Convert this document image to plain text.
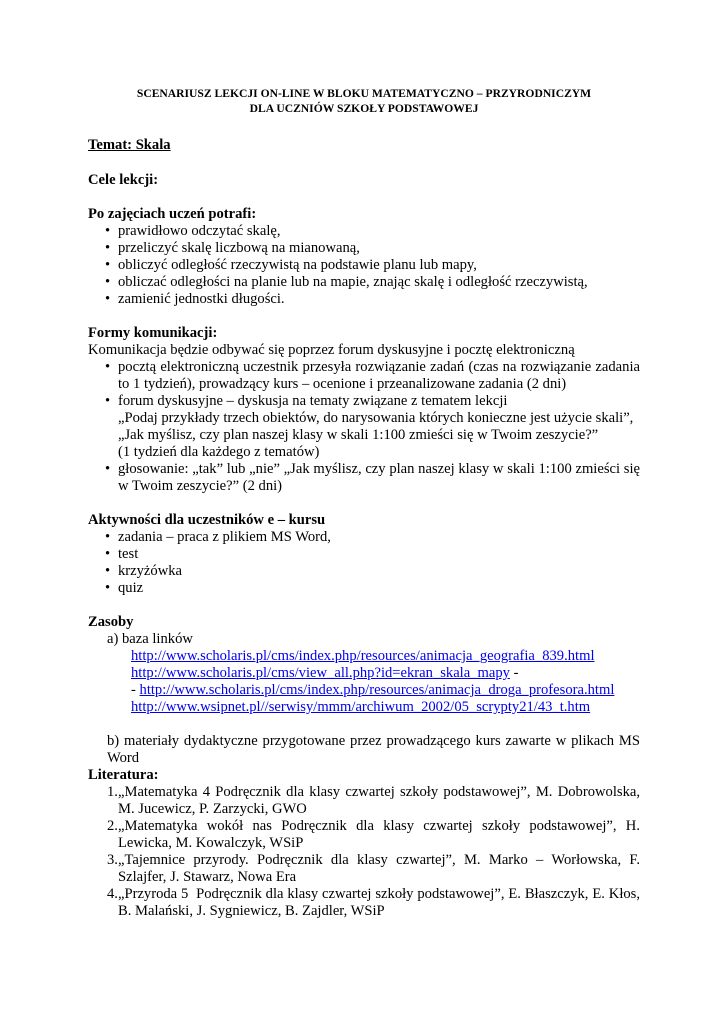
SCENARIUSZ LEKCJI ON-LINE W BLOKU MATEMATYCZNO – PRZYRODNICZYM
DLA UCZNIÓW SZKOŁY PODSTAWOWEJ
Temat: Skala
Cele lekcji:
Po zajęciach uczeń potrafi:
• prawidłowo odczytać skalę,
• przeliczyć skalę liczbową na mianowaną,
• obliczyć odległość rzeczywistą na podstawie planu lub mapy,
• obliczać odległości na planie lub na mapie, znając skalę i odległość rzeczywistą,
• zamienić jednostki długości.
Formy komunikacji:

Komunikacja będzie odbywać się poprzez forum dyskusyjne i pocztę elektroniczną

• pocztą elektroniczną uczestnik przesyła rozwiązanie zadań (czas na rozwiązanie zadania to 1 tydzień), prowadzący kurs – ocenione i przeanalizowane zadania (2 dni)
• forum dyskusyjne – dyskusja na tematy związane z tematem lekcji
„Podaj przykłady trzech obiektów, do narysowania których konieczne jest użycie skali”,
„Jak myślisz, czy plan naszej klasy w skali 1:100 zmieści się w Twoim zeszycie?”
(1 tydzień dla każdego z tematów)
• głosowanie: „tak” lub „nie” „Jak myślisz, czy plan naszej klasy w skali 1:100 zmieści się w Twoim zeszycie?” (2 dni)
Aktywności dla uczestników e – kursu
• zadania – praca z plikiem MS Word,
• test
• krzyżówka
• quiz
Zasoby

a) baza linków

http://www.scholaris.pl/cms/index.php/resources/animacja_geografia_839.html
http://www.scholaris.pl/cms/view_all.php?id=ekran_skala_mapy -
- http://www.scholaris.pl/cms/index.php/resources/animacja_droga_profesora.html
http://www.wsipnet.pl//serwisy/mmm/archiwum_2002/05_scrypty21/43_t.htm

b) materiały dydaktyczne przygotowane przez prowadzącego kurs zawarte w plikach MS Word

Literatura:
1. „Matematyka 4 Podręcznik dla klasy czwartej szkoły podstawowej”, M. Dobrowolska, M. Jucewicz, P. Zarzycki, GWO
2. „Matematyka wokół nas Podręcznik dla klasy czwartej szkoły podstawowej”, H. Lewicka, M. Kowalczyk, WSiP
3. „Tajemnice przyrody. Podręcznik dla klasy czwartej”, M. Marko – Worłowska, F. Szlajfer, J. Stawarz, Nowa Era
4. „Przyroda 5  Podręcznik dla klasy czwartej szkoły podstawowej”, E. Błaszczyk, E. Kłos, B. Malański, J. Sygniewicz, B. Zajdler, WSiP
